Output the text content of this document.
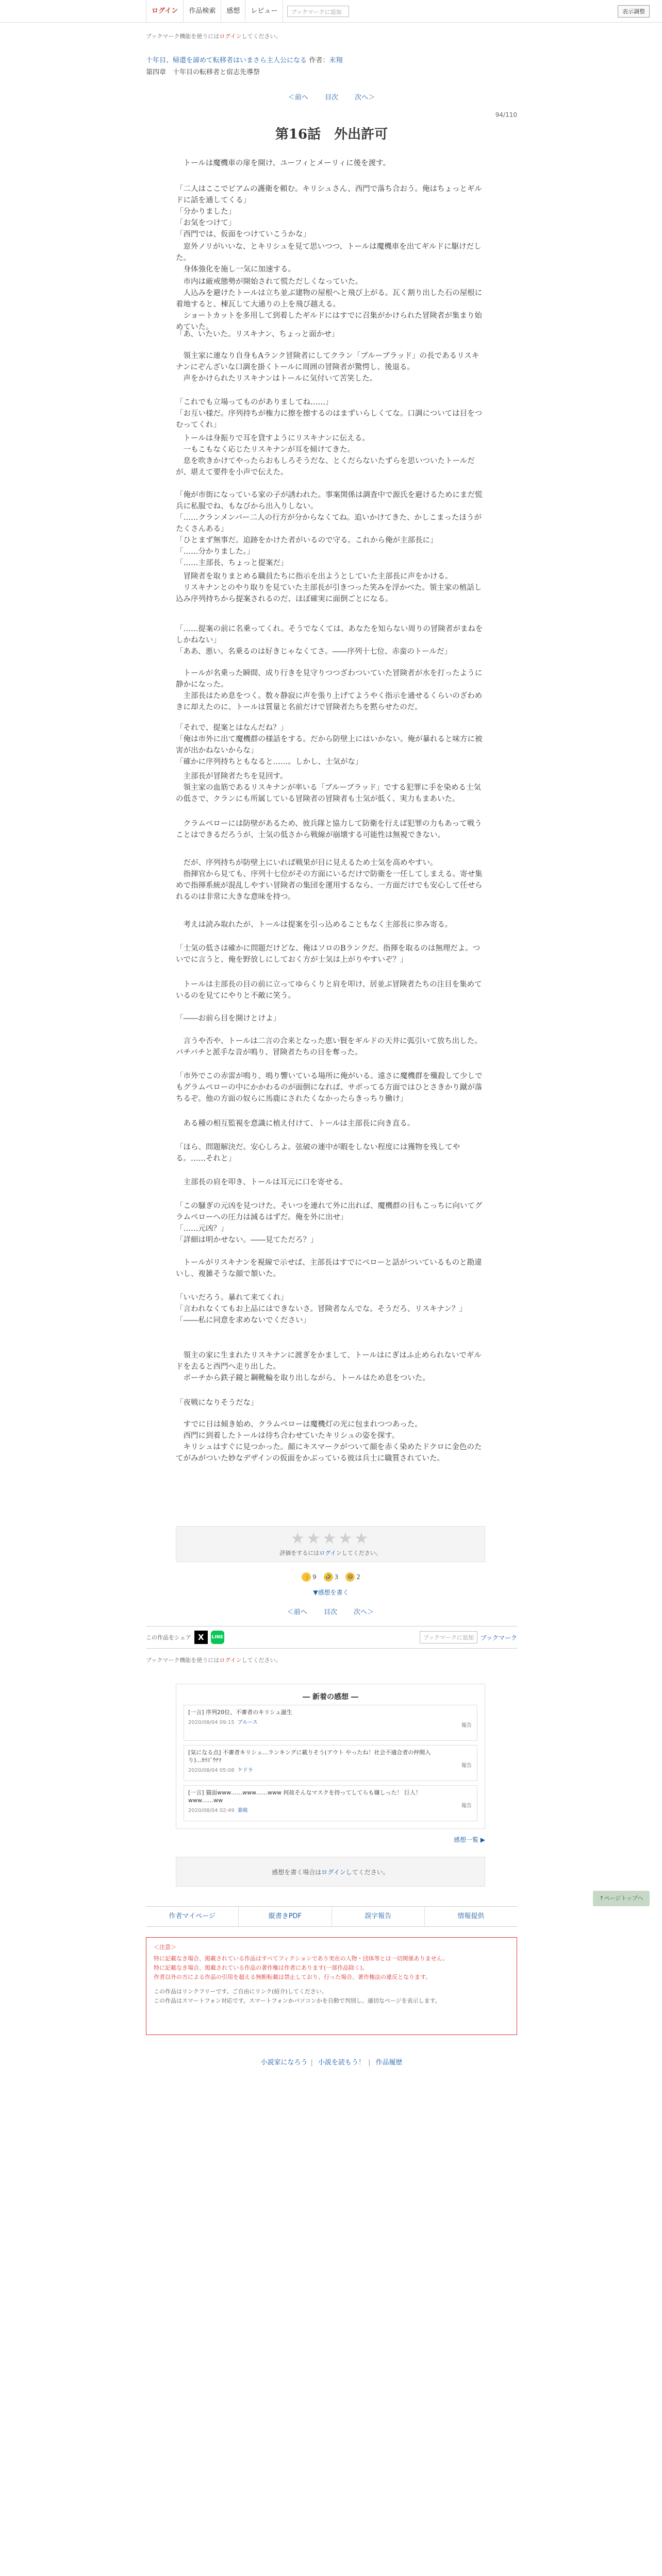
ログイン	作品検索	感想	レビュー	ブックマークに追加	表示調整
ブックマーク機能を使うにはログインしてください。
十年目、帰還を諦めて転移者はいまさら主人公になる 作者：末翔
第四章　十年目の転移者と宿志先導祭
＜前へ 目次 次へ＞
94/110
第16話　外出許可
　トールは魔機車の扉を開け、ユーフィとメーリィに後を渡す。
「二人はここでピアムの護衛を頼む。キリシュさん、西門で落ち合おう。俺はちょっとギルドに話を通してくる」
「分かりました」
「お気をつけて」
「西門では、仮面をつけていこうかな」
　窓外ノリがいいな、とキリシュを見て思いつつ、トールは魔機車を出てギルドに駆けだした。
　身体強化を施し一気に加速する。
　市内は厳戒態勢が開始されて慌ただしくなっていた。
　人込みを避けたトールは立ち並ぶ建物の屋根へと飛び上がる。瓦く割り出した石の屋根に着地すると、棟瓦して大通りの上を飛び越える。
　ショートカットを多用して到着したギルドにはすでに召集がかけられた冒険者が集まり始めていた。
「あ、いたいた。リスキナン、ちょっと面かせ」
　領主家に連なり自身もAランク冒険者にしてクラン「ブルーブラッド」の長であるリスキナンにぞんざいな口調を掛くトールに周囲の冒険者が驚愕し、後退る。
　声をかけられたリスキナンはトールに気付いて苦笑した。
「これでも立場ってものがありましてね……」
「お互い様だ。序列持ちが権力に擦を擦するのはまずいらしくてな。口調については目をつむってくれ」
　トールは身振りで耳を貸すようにリスキナンに伝える。
　一もこもなく応じたリスキナンが耳を傾けてきた。
　息を吹きかけてやったらおもしろそうだな、とくだらないたずらを思いついたトールだが、堪えて要件を小声で伝えた。
「俺が市街になっている家の子が誘われた。事案関係は調査中で源氏を避けるためにまだ慌兵に私服でね、もなびから出入りしない。
「……クランメンバー二人の行方が分からなくてね。追いかけてきた、かしこまったほうがたくさんある」
「ひとまず無事だ。追跡をかけた者がいるので守る。これから俺が主部長に」
「……分かりました。」
「……主部長、ちょっと提案だ」
　冒険者を取りまとめる職員たちに指示を出ようとしていた主部長に声をかける。
　リスキナンとのやり取りを見ていた主部長が引きつった笑みを浮かべた。領主家の植話し込み序列持ちから提案されるのだ、ほぼ確実に面倒ごとになる。
「……提案の前に名乗ってくれ。そうでなくては、あなたを知らない周りの冒険者がまねをしかねない」
「ああ、悪い。名乗るのは好きじゃなくてさ。――序列十七位、赤蛮のトールだ」
　トールが名乗った瞬間、成り行きを見守りつつざわついていた冒険者が水を打ったように静かになった。
　主部長はため息をつく。数々静寂に声を張り上げてようやく指示を通せるくらいのざわめきに却えたのに、トールは質量と名前だけで冒険者たちを黙らせたのだ。
「それで、提案とはなんだね？」
「俺は市外に出て魔機群の様話をする。だから防壁上にはいかない。俺が暴れると味方に被害が出かねないからな」
「確かに序列持ちともなると……。しかし、士気がな」
　主部長が冒険者たちを見回す。
　領主家の血筋であるリスキナンが率いる「ブルーブラッド」でする犯罪に手を染める士気の低さで、クランにも所属している冒険者の冒険者も士気が低く、実力もまあいた。
　クラムペローには防壁があるため、彼兵隊と協力して防衛を行えば犯罪の力もあって戦うことはできるだろうが、士気の低さから戦線が崩壊する可能性は無視できない。
　だが、序列持ちが防壁上にいれば戦果が目に見えるため士気を高めやすい。
　指揮官から見ても、序列十七位がその方面にいるだけで防衛を一任してしまえる。寄せ集めで指揮系統が混乱しやすい冒険者の集団を運用するなら、一方面だけでも安心して任せられるのは非常に大きな意味を持つ。
　考えは読み取れたが、トールは提案を引っ込めることもなく主部長に歩み寄る。
「士気の低さは確かに問題だけどな、俺はソロのBランクだ。指揮を取るのは無理だよ。ついでに言うと、俺を野放しにしておく方が士気は上がりやすいぞ？」
　トールは主部長の目の前に立ってゆらくりと肩を叩け、居並ぶ冒険者たちの注目を集めているのを見てにやりと不敵に笑う。
「――お前ら目を開けとけよ」
　言うや否や、トールは二言の合来となった恵い賢をギルドの天井に弧引いて放ち出した。バチバチと派手な音が鳴り、冒険者たちの目を奪った。
「市外でこの赤雷が鳴り、鳴り響いている場所に俺がいる。遠さに魔機群を殲殺して少しでもグラムペローの中にかかわるのが面倒になれば、サボってる方面ではひとさきかり蹴が落ちるぞ。他の方面の奴らに馬鹿にされたくなかったらきっちり働け」
　ある種の相互監視を意識に植え付けて、トールは主部長に向き直る。
「ほら、問題解決だ。安心しろよ。弦破の連中が暇をしない程度には獲物を残してやる。……それと」
　主部長の肩を叩き、トールは耳元に口を寄せる。
「この騒ぎの元凶を見つけた。そいつを連れて外に出れば、魔機群の目もこっちに向いてグラムペローへの圧力は減るはずだ。俺を外に出せ」
「……元凶？」
「詳細は明かせない。――見てただろ？」
　トールがリスキナンを視線で示せば、主部長はすでにペローと話がついているものと勘違いし、複雑そうな顔で頷いた。
「いいだろう。暴れて来てくれ」
「言われなくてもお上品にはできないさ。冒険者なんでな。そうだろ、リスキナン？」
「――私に同意を求めないでください」
　領主の家に生まれたリスキナンに渡ぎをかまして、トールはにぎはふ止められないでギルドを去ると西門へ走り出した。
　ボーチから鉄子鏡と鋼靴輪を取り出しながら、トールはため息をついた。
「夜戦になりそうだな」
　すでに日は傾き始め、クラムペローは魔機灯の光に包まれつつあった。
　西門に到着したトールは待ち合わせていたキリシュの姿を探す。
　キリシュはすぐに見つかった。顔にキスマークがついて顔を赤く染めたドクロに金色のたてがみがついた妙なデザインの仮面をかぶっている彼は兵士に職質されていた。
★★★★★
評価をするにはログインしてください。
👍 9 🤣 3 😄 2
▼感想を書く
＜前へ 目次 次へ＞
この作品をシェア X	LINE	ブックマークに追加	ブックマーク
ブックマーク機能を使うにはログインしてください。
― 新着の感想 ―
[一言] 序列20位、不審者のキリシュ誕生
2020/08/04 09:15 ブルース
報告
[気になる点] 不審者キリシュ…ランキングに載りそう(アウト やったね！社会不適合者の仲間入り)...ｶﾗｺﾞｳﾅﾏ
2020/08/04 05:08 ケドラ
報告
[一言] 猫面www……www……www 何故そんなマスクを持ってしてらも嫌しった！ 巨人！www……ww
2020/08/04 02:49 楽喰
報告
感想一覧 ▶
感想を書く場合はログインしてください。
作者マイページ	縦書きPDF	誤字報告	情報提供
＜注意＞
特に記載なき場合、掲載されている作品はすべてフィクションであり実在の人物・団体等とは一切関係ありません。
特に記載なき場合、掲載されている作品の著作権は作者にあります(一部作品除く)。
作者以外の方による作品の引用を超える無断転載は禁止しており、行った場合、著作権法の違反となります。
この作品はリンクフリーです。ご自由にリンク(紹介)してください。
この作品はスマートフォン対応です。スマートフォンかパソコンかを自動で判別し、適切なページを表示します。
小説家になろう | 小説を読もう！ | 作品履歴
↑ページトップへ
